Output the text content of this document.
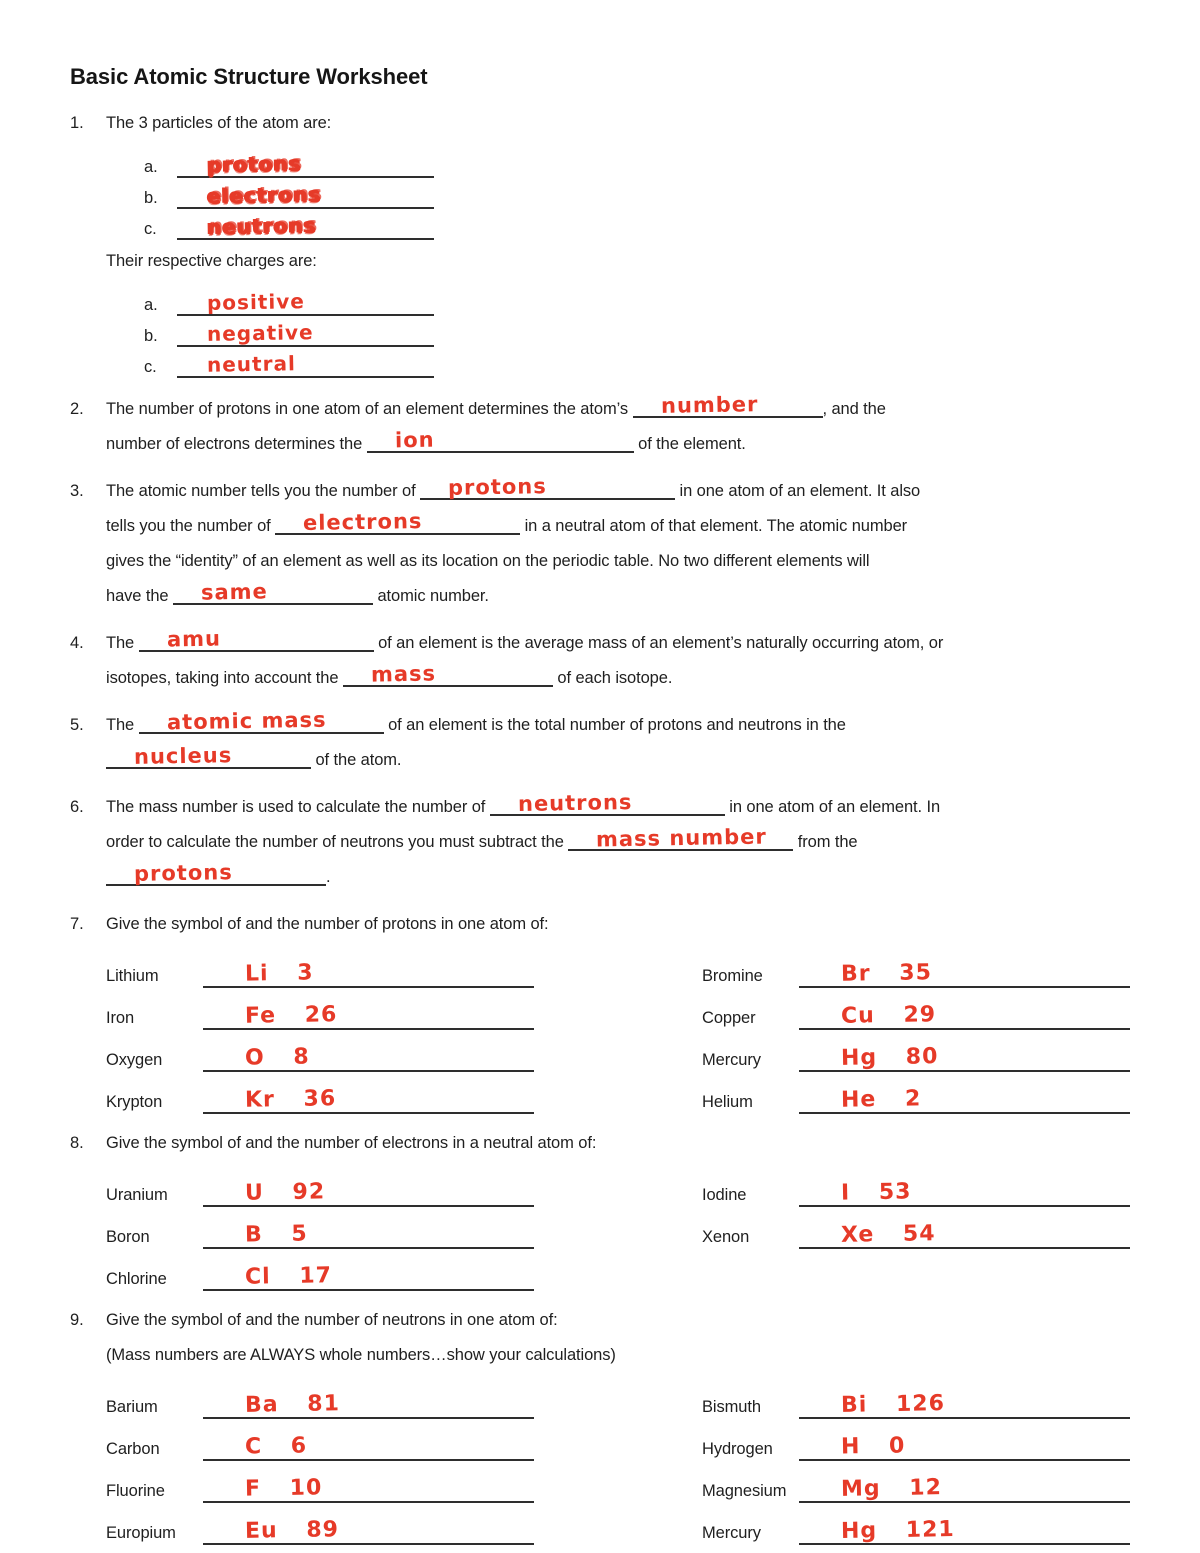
Basic Atomic Structure Worksheet
1.	The 3 particles of the atom are:
a.	protons
b.	electrons
c.	neutrons
Their respective charges are:
a.	positive
b.	negative
c.	neutral
2.	The number of protons in one atom of an element determines the atom’s number	, and the
number of electrons determines the ion	of the element.
3.	The atomic number tells you the number of protons	in one atom of an element. It also
tells you the number of electrons	in a neutral atom of that element. The atomic number
gives the “identity” of an element as well as its location on the periodic table. No two different elements will
have the same	atomic number.
4.	The amu	of an element is the average mass of an element’s naturally occurring atom, or
isotopes, taking into account the mass	of each isotope.
5.	The atomic mass	of an element is the total number of protons and neutrons in the

nucleus	of the atom.
6.	The mass number is used to calculate the number of neutrons	in one atom of an element. In
order to calculate the number of neutrons you must subtract the mass number from the

protons	.
7.	Give the symbol of and the number of protons in one atom of:
Lithium	Li 3	Bromine	Br 35
Iron	Fe 26	Copper	Cu 29
Oxygen	O 8	Mercury	Hg 80
Krypton	Kr 36	Helium	He 2
8.	Give the symbol of and the number of electrons in a neutral atom of:
Uranium	U 92	Iodine	I 53
Boron	B 5	Xenon	Xe 54
Chlorine	Cl 17
9.	Give the symbol of and the number of neutrons in one atom of:
(Mass numbers are ALWAYS whole numbers…show your calculations)
Barium	Ba 81	Bismuth	Bi 126
Carbon	C 6	Hydrogen	H 0
Fluorine	F 10	Magnesium	Mg 12
Europium	Eu 89	Mercury	Hg 121
